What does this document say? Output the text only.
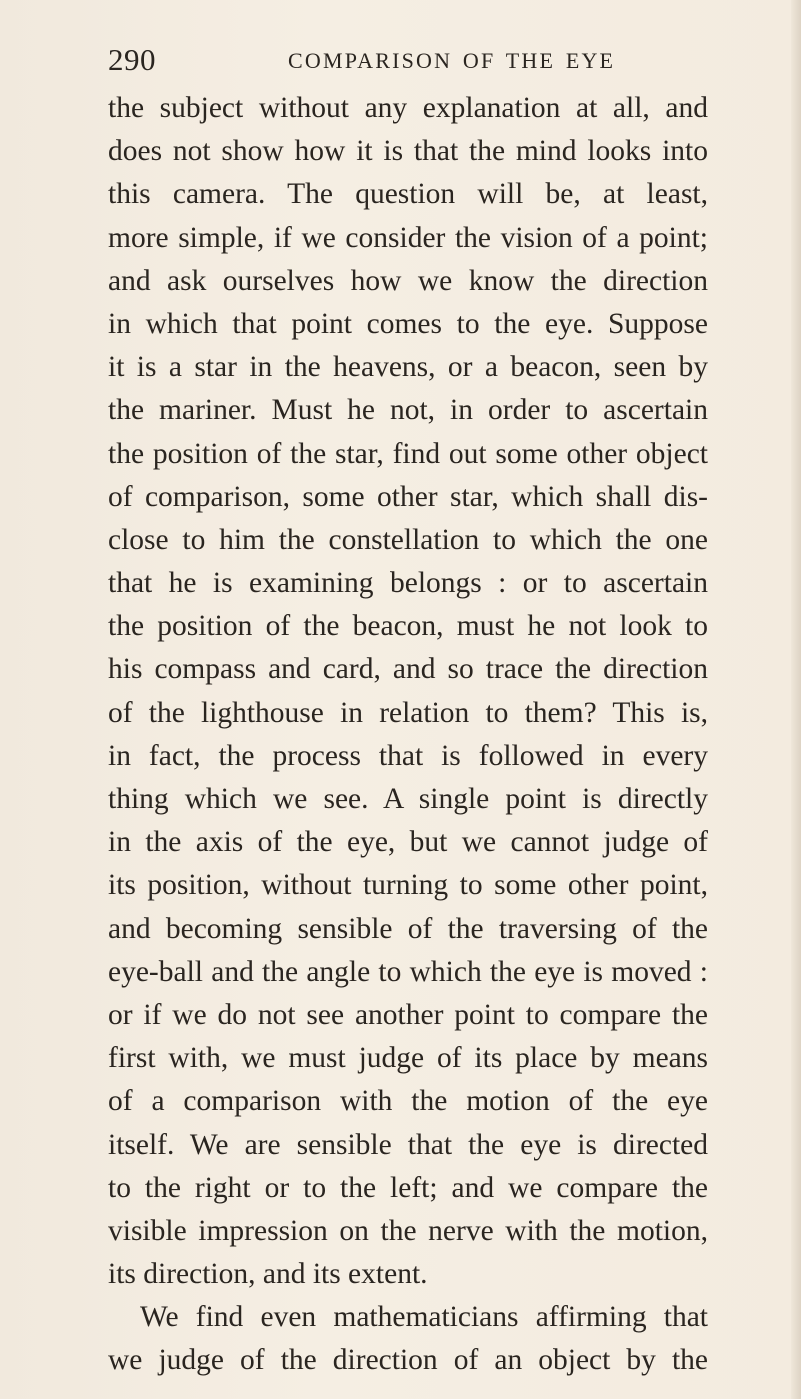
290	COMPARISON OF THE EYE
the subject without any explanation at all, and
does not show how it is that the mind looks into
this camera. The question will be, at least,
more simple, if we consider the vision of a point;
and ask ourselves how we know the direction
in which that point comes to the eye. Suppose
it is a star in the heavens, or a beacon, seen by
the mariner. Must he not, in order to ascertain
the position of the star, find out some other object
of comparison, some other star, which shall dis-
close to him the constellation to which the one
that he is examining belongs : or to ascertain
the position of the beacon, must he not look to
his compass and card, and so trace the direction
of the lighthouse in relation to them? This is,
in fact, the process that is followed in every
thing which we see. A single point is directly
in the axis of the eye, but we cannot judge of
its position, without turning to some other point,
and becoming sensible of the traversing of the
eye-ball and the angle to which the eye is moved :
or if we do not see another point to compare the
first with, we must judge of its place by means
of a comparison with the motion of the eye
itself. We are sensible that the eye is directed
to the right or to the left; and we compare the
visible impression on the nerve with the motion,
its direction, and its extent.
We find even mathematicians affirming that
we judge of the direction of an object by the
